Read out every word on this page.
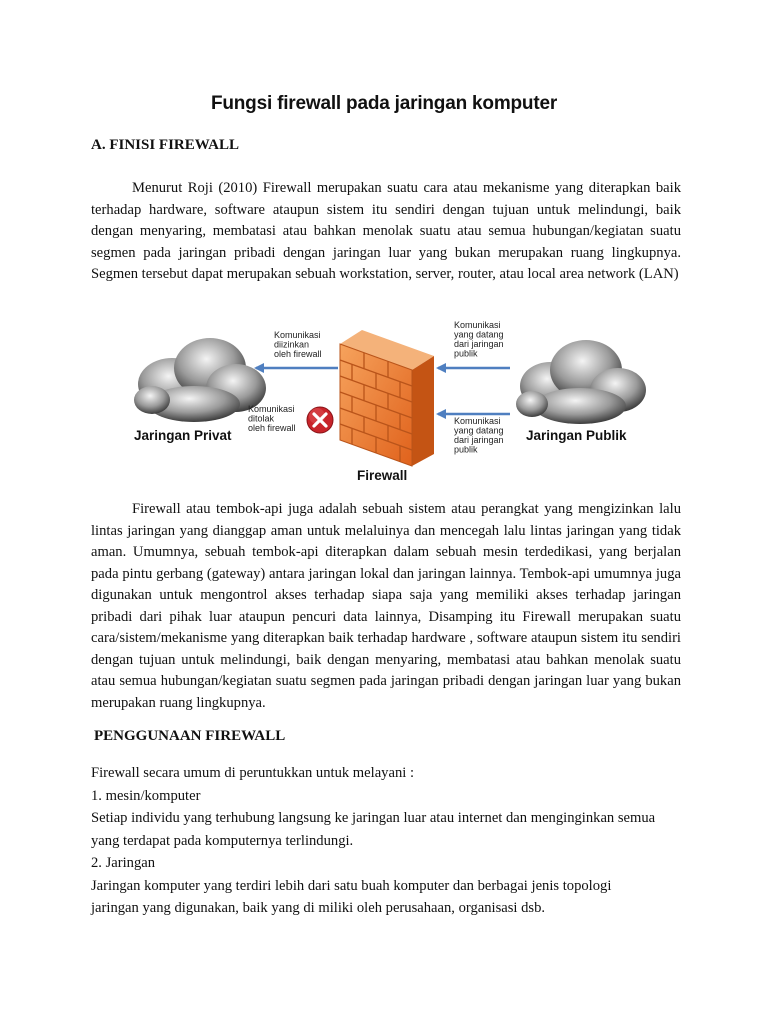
Fungsi firewall pada jaringan komputer

A. FINISI FIREWALL

Menurut Roji (2010) Firewall merupakan suatu cara atau mekanisme yang diterapkan baik terhadap hardware, software ataupun sistem itu sendiri dengan tujuan untuk melindungi, baik dengan menyaring, membatasi atau bahkan menolak suatu atau semua hubungan/kegiatan suatu segmen pada jaringan pribadi dengan jaringan luar yang bukan merupakan ruang lingkupnya. Segmen tersebut dapat merupakan sebuah workstation, server, router, atau local area network (LAN)

Jaringan Privat	Jaringan Publik
Firewall
Komunikasi diizinkan oleh firewall
Komunikasi ditolak oleh firewall
Komunikasi yang datang dari jaringan publik
Komunikasi yang datang dari jaringan publik

Firewall atau tembok-api juga adalah sebuah sistem atau perangkat yang mengizinkan lalu lintas jaringan yang dianggap aman untuk melaluinya dan mencegah lalu lintas jaringan yang tidak aman. Umumnya, sebuah tembok-api diterapkan dalam sebuah mesin terdedikasi, yang berjalan pada pintu gerbang (gateway) antara jaringan lokal dan jaringan lainnya. Tembok-api umumnya juga digunakan untuk mengontrol akses terhadap siapa saja yang memiliki akses terhadap jaringan pribadi dari pihak luar ataupun pencuri data lainnya, Disamping itu Firewall merupakan suatu cara/sistem/mekanisme yang diterapkan baik terhadap hardware , software ataupun sistem itu sendiri dengan tujuan untuk melindungi, baik dengan menyaring, membatasi atau bahkan menolak suatu atau semua hubungan/kegiatan suatu segmen pada jaringan pribadi dengan jaringan luar yang bukan merupakan ruang lingkupnya.

PENGGUNAAN FIREWALL

Firewall secara umum di peruntukkan untuk melayani :
1. mesin/komputer
Setiap individu yang terhubung langsung ke jaringan luar atau internet dan menginginkan semua
yang terdapat pada komputernya terlindungi.
2. Jaringan
Jaringan komputer yang terdiri lebih dari satu buah komputer dan berbagai jenis topologi
jaringan yang digunakan, baik yang di miliki oleh perusahaan, organisasi dsb.
